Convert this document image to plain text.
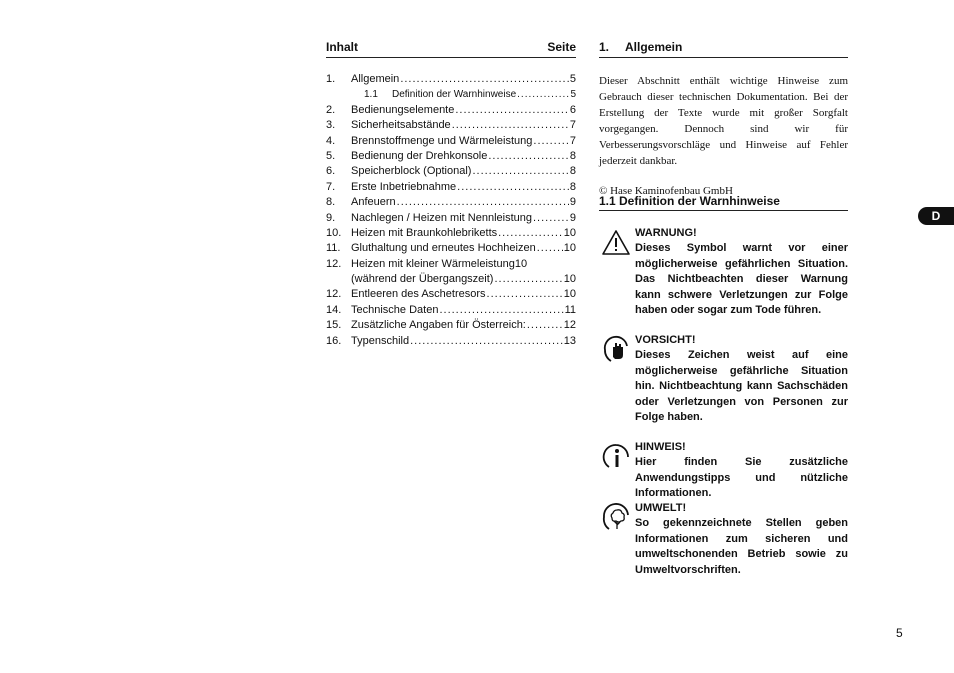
Inhalt	Seite
1.	Allgemein .....	5
1.1	Definition der Warnhinweise .....	5
2.	Bedienungselemente .....	6
3.	Sicherheitsabstände .....	7
4.	Brennstoffmenge und Wärmeleistung .....	7
5.	Bedienung der Drehkonsole .....	8
6.	Speicherblock (Optional) .....	8
7.	Erste Inbetriebnahme .....	8
8.	Anfeuern .....	9
9.	Nachlegen / Heizen mit Nennleistung .....	9
10. Heizen mit Braunkohlebriketts .....	10
11. Gluthaltung und erneutes Hochheizen .....	10
12. Heizen mit kleiner Wärmeleistung10
(während der Übergangszeit) .....	10
12. Entleeren des Aschetresors .....	10
14. Technische Daten .....	11
15. Zusätzliche Angaben für Österreich: .....	12
16. Typenschild .....	13
1. Allgemein
Dieser Abschnitt enthält wichtige Hinweise zum Gebrauch dieser technischen Dokumentation. Bei der Erstellung der Texte wurde mit großer Sorgfalt vorgegangen. Dennoch sind wir für Verbesserungsvorschläge und Hinweise auf Fehler jederzeit dankbar.
© Hase Kaminofenbau GmbH
1.1 Definition der Warnhinweise
WARNUNG!
Dieses Symbol warnt vor einer möglicherweise gefährlichen Situation. Das Nichtbeachten dieser Warnung kann schwere Verletzungen zur Folge haben oder sogar zum Tode führen.
VORSICHT!
Dieses Zeichen weist auf eine möglicherweise gefährliche Situation hin. Nichtbeachtung kann Sachschäden oder Verletzungen von Personen zur Folge haben.
HINWEIS!
Hier finden Sie zusätzliche Anwendungstipps und nützliche Informationen.
UMWELT!
So gekennzeichnete Stellen geben Informationen zum sicheren und umweltschonenden Betrieb sowie zu Umweltvorschriften.
D
5
